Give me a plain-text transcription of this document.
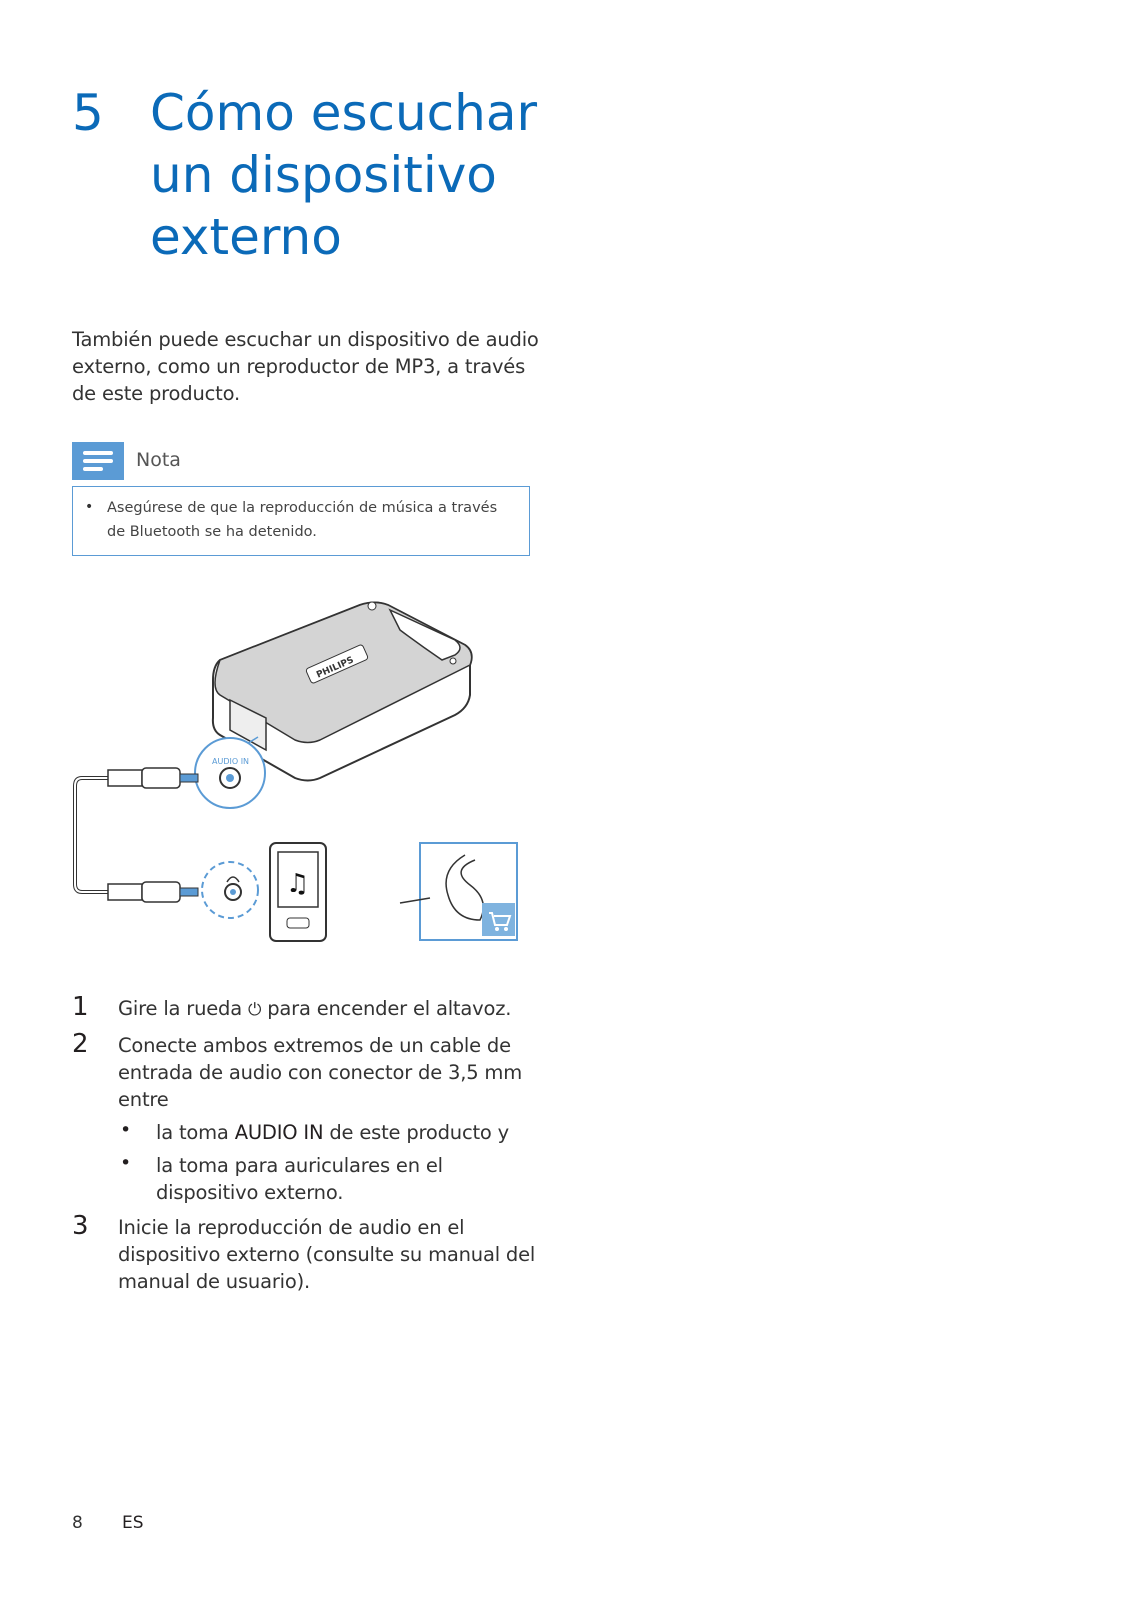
5 Cómo escuchar un dispositivo externo
También puede escuchar un dispositivo de audio externo, como un reproductor de MP3, a través de este producto.
Nota
• Asegúrese de que la reproducción de música a través de Bluetooth se ha detenido.
PHILIPS
AUDIO IN
♫
1 Gire la rueda ⏻ para encender el altavoz.
2 Conecte ambos extremos de un cable de entrada de audio con conector de 3,5 mm entre
• la toma AUDIO IN de este producto y
• la toma para auriculares en el dispositivo externo.
3 Inicie la reproducción de audio en el dispositivo externo (consulte su manual del manual de usuario).
8 ES
